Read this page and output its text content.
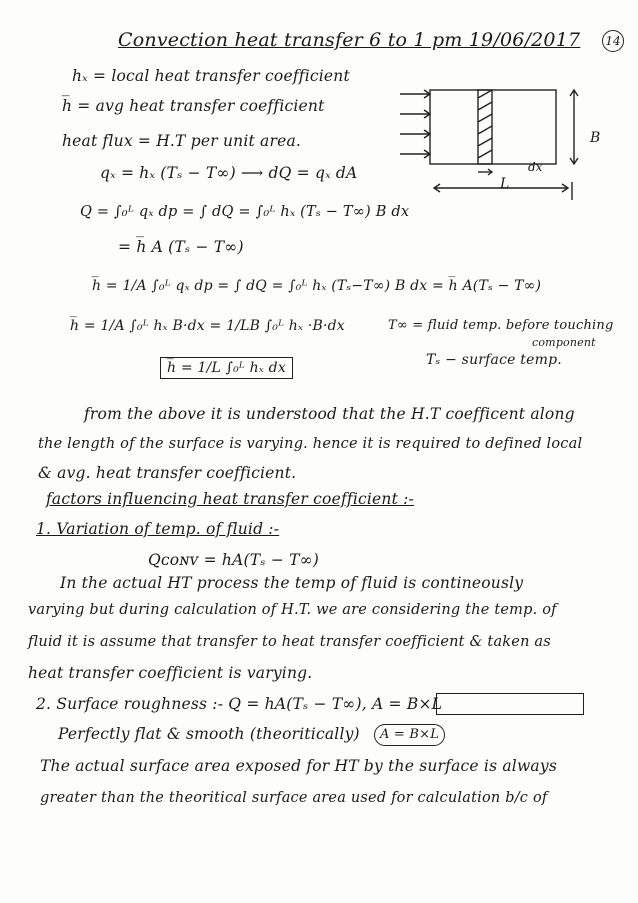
Convection heat transfer 6 to 1 pm 19/06/2017 14
hₓ = local heat transfer coefficient
h̅ = avg heat transfer coefficient
heat flux = H.T per unit area.
qₓ = hₓ (Tₛ − T∞) ⟶ dQ = qₓ dA
Q = ∫₀ᴸ qₓ dp = ∫ dQ = ∫₀ᴸ hₓ (Tₛ − T∞) B dx
= h̅ A (Tₛ − T∞)
h̅ = 1/A ∫₀ᴸ qₓ dp = ∫ dQ = ∫₀ᴸ hₓ (Tₛ−T∞) B dx = h̅ A(Tₛ − T∞)
h̅ = 1/A ∫₀ᴸ hₓ B·dx = 1/LB ∫₀ᴸ hₓ ·B·dx	T∞ = fluid temp. before touching
component
h̅ = 1/L ∫₀ᴸ hₓ dx	Tₛ − surface temp.
from the above it is understood that the H.T coefficent along
the length of the surface is varying. hence it is required to defined local
& avg. heat transfer coefficient.
factors influencing heat transfer coefficient :-
1. Variation of temp. of fluid :-
Qᴄᴏɴᴠ = hA(Tₛ − T∞)
In the actual HT process the temp of fluid is contineously
varying but during calculation of H.T. we are considering the temp. of
fluid it is assume that transfer to heat transfer coefficient & taken as
heat transfer coefficient is varying.
2. Surface roughness :- Q = hA(Tₛ − T∞), A = B×L
Perfectly flat & smooth (theoritically)	A = B×L
The actual surface area exposed for HT by the surface is always
greater than the theoritical surface area used for calculation b/c of
B
L
dx
